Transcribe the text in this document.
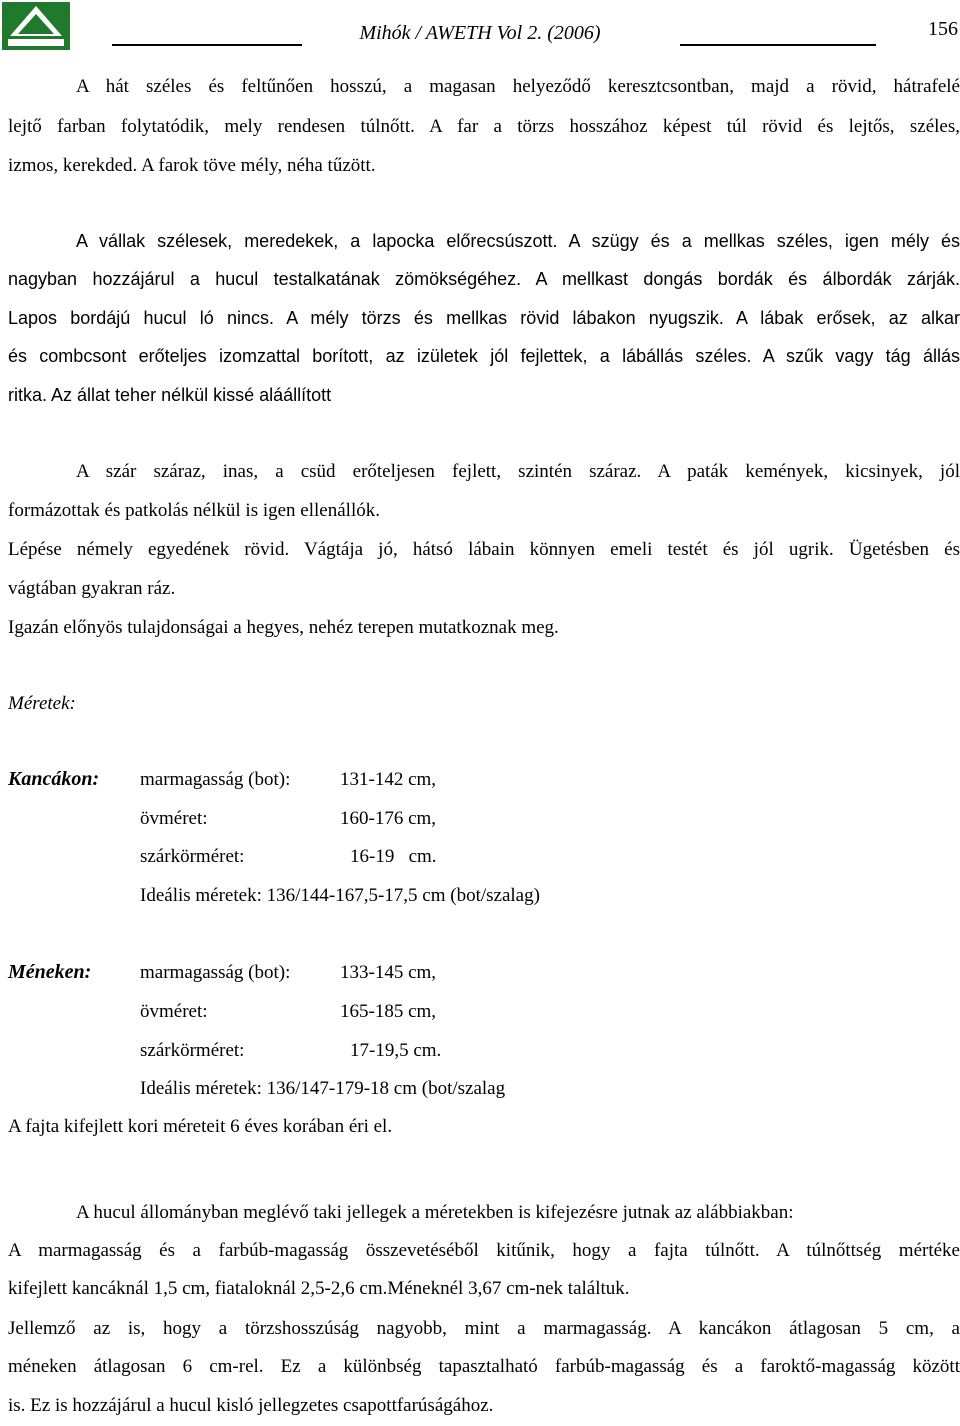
Mihók / AWETH Vol 2. (2006)	156
A hát széles és feltűnően hosszú, a magasan helyeződő keresztcsontban, majd a rövid, hátrafelé
lejtő farban folytatódik, mely rendesen túlnőtt. A far a törzs hosszához képest túl rövid és lejtős, széles,
izmos, kerekded. A farok töve mély, néha tűzött.
A vállak szélesek, meredekek, a lapocka előrecsúszott. A szügy és a mellkas széles, igen mély és
nagyban hozzájárul a hucul testalkatának zömökségéhez. A mellkast dongás bordák és álbordák zárják.
Lapos bordájú hucul ló nincs. A mély törzs és mellkas rövid lábakon nyugszik. A lábak erősek, az alkar
és combcsont erőteljes izomzattal borított, az izületek jól fejlettek, a lábállás széles. A szűk vagy tág állás
ritka. Az állat teher nélkül kissé aláállított
A szár száraz, inas, a csüd erőteljesen fejlett, szintén száraz. A paták kemények, kicsinyek, jól
formázottak és patkolás nélkül is igen ellenállók.
Lépése némely egyedének rövid. Vágtája jó, hátsó lábain könnyen emeli testét és jól ugrik. Ügetésben és
vágtában gyakran ráz.
Igazán előnyös tulajdonságai a hegyes, nehéz terepen mutatkoznak meg.
Méretek:
Kancákon: marmagasság (bot):	131-142 cm,
övméret:	160-176 cm,
szárkörméret:	16-19   cm.
Ideális méretek: 136/144-167,5-17,5 cm (bot/szalag)
Méneken:	marmagasság (bot):	133-145 cm,
övméret:	165-185 cm,
szárkörméret:	17-19,5 cm.
Ideális méretek: 136/147-179-18 cm (bot/szalag
A fajta kifejlett kori méreteit 6 éves korában éri el.
A hucul állományban meglévő taki jellegek a méretekben is kifejezésre jutnak az alábbiakban:
A marmagasság és a farbúb-magasság összevetéséből kitűnik, hogy a fajta túlnőtt. A túlnőttség mértéke
kifejlett kancáknál 1,5 cm, fiataloknál 2,5-2,6 cm.Méneknél 3,67 cm-nek találtuk.
Jellemző az is, hogy a törzshosszúság nagyobb, mint a marmagasság. A kancákon átlagosan 5 cm, a
méneken átlagosan 6 cm-rel. Ez a különbség tapasztalható farbúb-magasság és a faroktő-magasság között
is. Ez is hozzájárul a hucul kisló jellegzetes csapottfarúságához.
